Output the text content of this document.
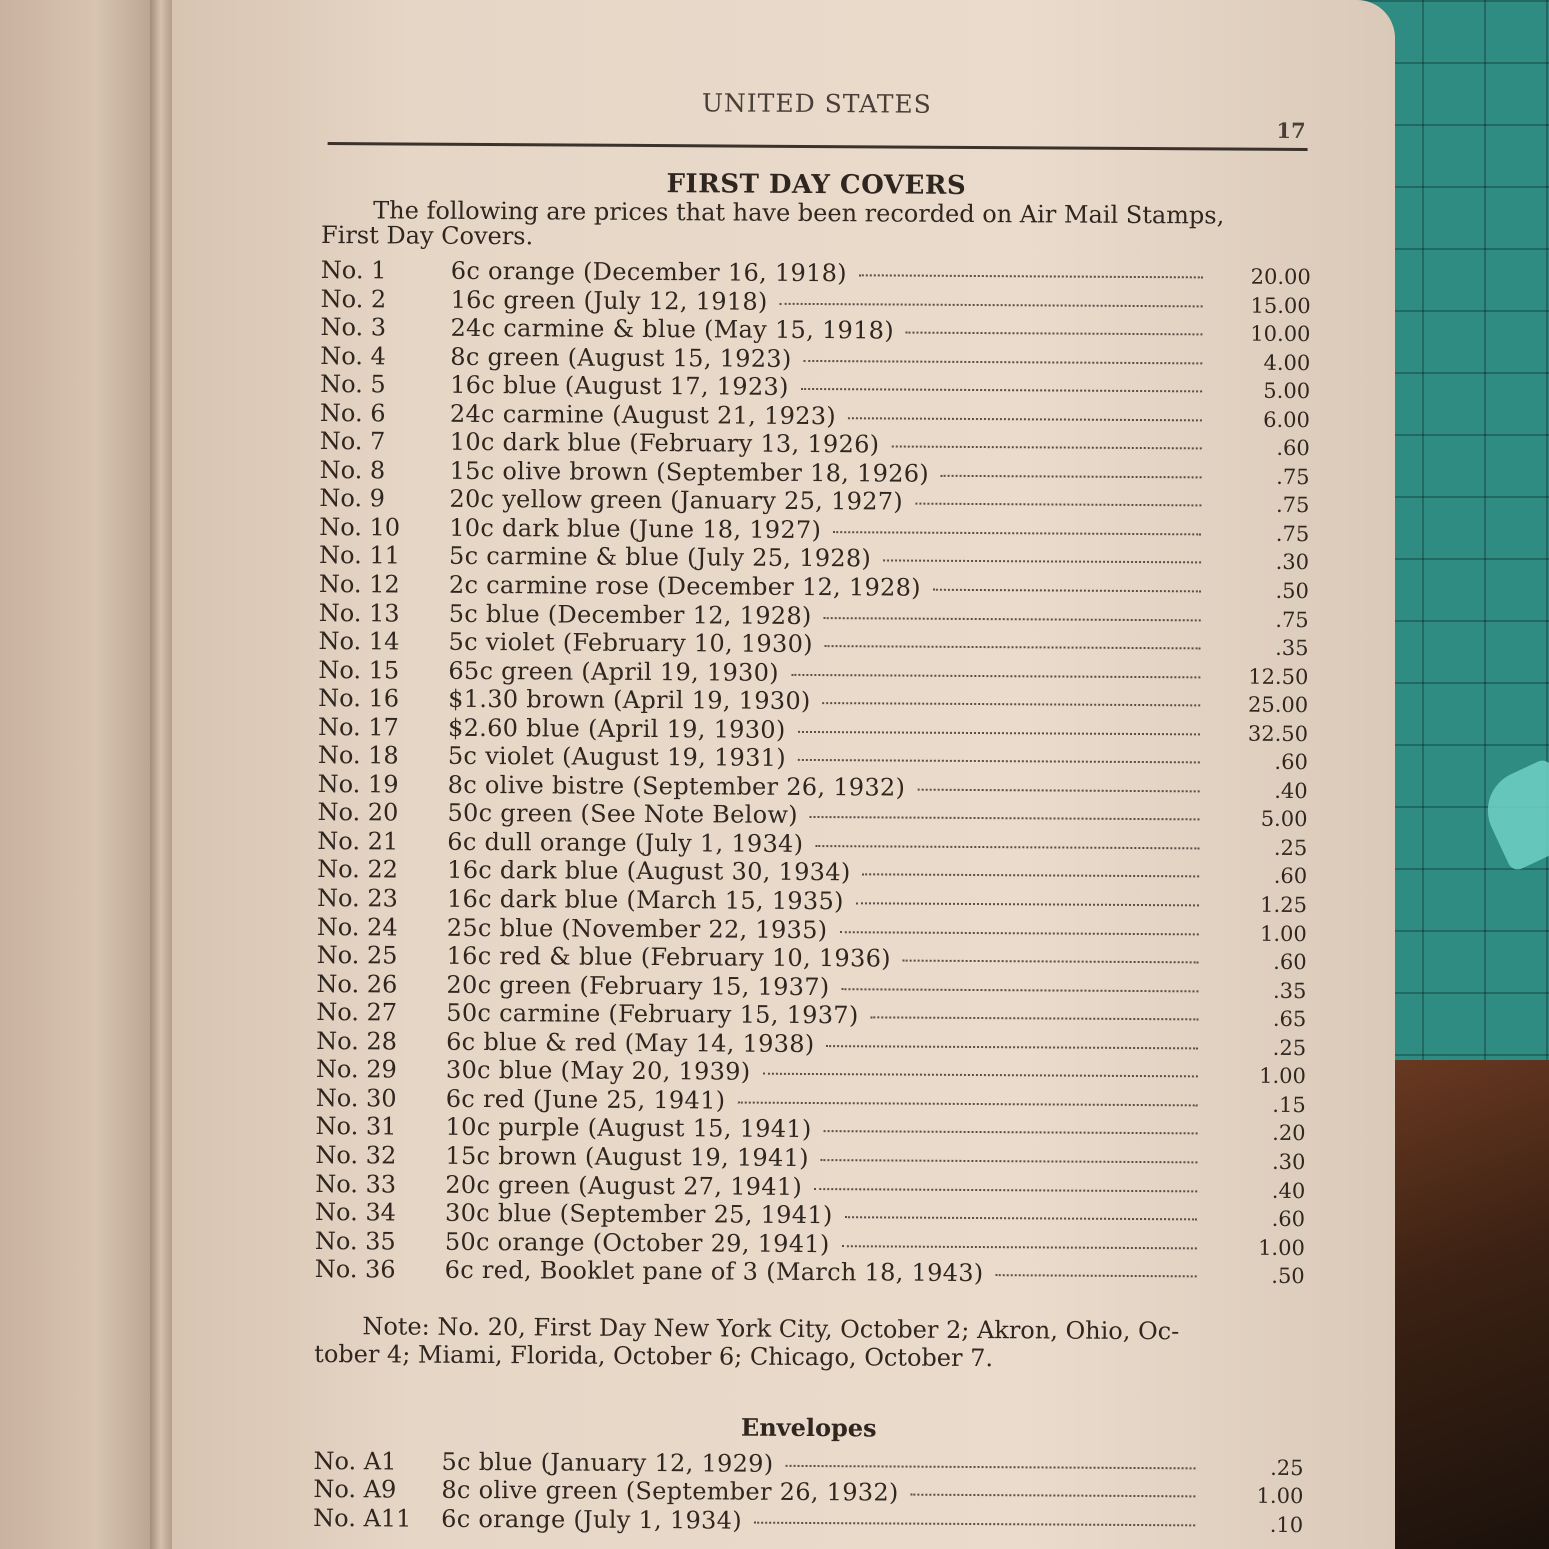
UNITED STATES
17
FIRST DAY COVERS
The following are prices that have been recorded on Air Mail Stamps,
First Day Covers.
No. 1	6c orange (December 16, 1918)	20.00
No. 2	16c green (July 12, 1918)	15.00
No. 3	24c carmine & blue (May 15, 1918)	10.00
No. 4	8c green (August 15, 1923)	4.00
No. 5	16c blue (August 17, 1923)	5.00
No. 6	24c carmine (August 21, 1923)	6.00
No. 7	10c dark blue (February 13, 1926)	.60
No. 8	15c olive brown (September 18, 1926)	.75
No. 9	20c yellow green (January 25, 1927)	.75
No. 10	10c dark blue (June 18, 1927)	.75
No. 11	5c carmine & blue (July 25, 1928)	.30
No. 12	2c carmine rose (December 12, 1928)	.50
No. 13	5c blue (December 12, 1928)	.75
No. 14	5c violet (February 10, 1930)	.35
No. 15	65c green (April 19, 1930)	12.50
No. 16	$1.30 brown (April 19, 1930)	25.00
No. 17	$2.60 blue (April 19, 1930)	32.50
No. 18	5c violet (August 19, 1931)	.60
No. 19	8c olive bistre (September 26, 1932)	.40
No. 20	50c green (See Note Below)	5.00
No. 21	6c dull orange (July 1, 1934)	.25
No. 22	16c dark blue (August 30, 1934)	.60
No. 23	16c dark blue (March 15, 1935)	1.25
No. 24	25c blue (November 22, 1935)	1.00
No. 25	16c red & blue (February 10, 1936)	.60
No. 26	20c green (February 15, 1937)	.35
No. 27	50c carmine (February 15, 1937)	.65
No. 28	6c blue & red (May 14, 1938)	.25
No. 29	30c blue (May 20, 1939)	1.00
No. 30	6c red (June 25, 1941)	.15
No. 31	10c purple (August 15, 1941)	.20
No. 32	15c brown (August 19, 1941)	.30
No. 33	20c green (August 27, 1941)	.40
No. 34	30c blue (September 25, 1941)	.60
No. 35	50c orange (October 29, 1941)	1.00
No. 36	6c red, Booklet pane of 3 (March 18, 1943)	.50
Note: No. 20, First Day New York City, October 2; Akron, Ohio, Oc-
tober 4; Miami, Florida, October 6; Chicago, October 7.
Envelopes
No. A1	5c blue (January 12, 1929)	.25
No. A9	8c olive green (September 26, 1932)	1.00
No. A11	6c orange (July 1, 1934)	.10
